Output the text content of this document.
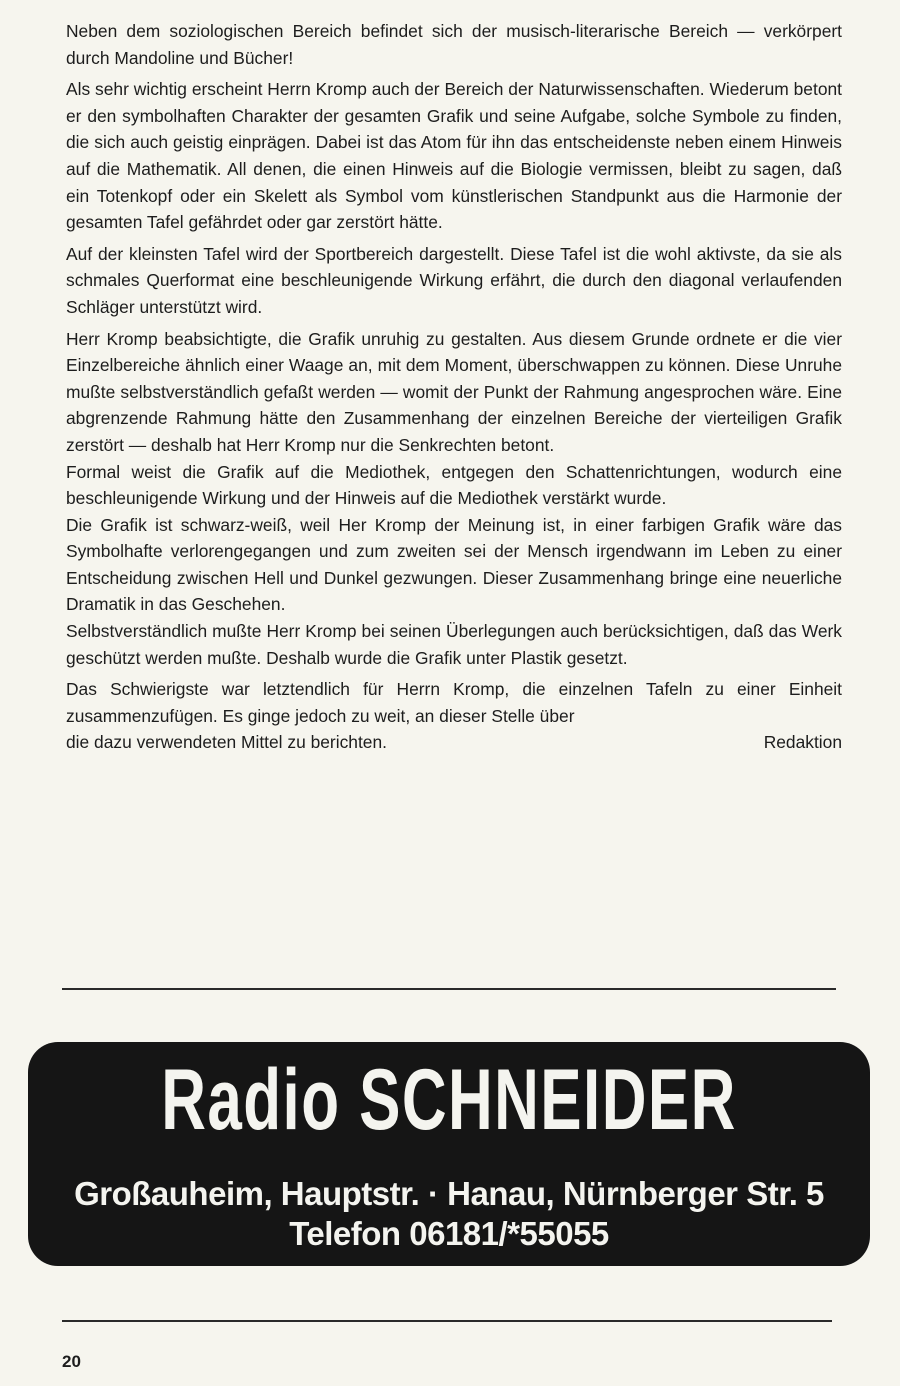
Neben dem soziologischen Bereich befindet sich der musisch-literarische Bereich — verkörpert durch Mandoline und Bücher!

Als sehr wichtig erscheint Herrn Kromp auch der Bereich der Naturwissenschaften. Wiederum betont er den symbolhaften Charakter der gesamten Grafik und seine Aufgabe, solche Symbole zu finden, die sich auch geistig einprägen. Dabei ist das Atom für ihn das entscheidenste neben einem Hinweis auf die Mathematik. All denen, die einen Hinweis auf die Biologie vermissen, bleibt zu sagen, daß ein Totenkopf oder ein Skelett als Symbol vom künstlerischen Standpunkt aus die Harmonie der gesamten Tafel gefährdet oder gar zerstört hätte.

Auf der kleinsten Tafel wird der Sportbereich dargestellt. Diese Tafel ist die wohl aktivste, da sie als schmales Querformat eine beschleunigende Wirkung erfährt, die durch den diagonal verlaufenden Schläger unterstützt wird.

Herr Kromp beabsichtigte, die Grafik unruhig zu gestalten. Aus diesem Grunde ordnete er die vier Einzelbereiche ähnlich einer Waage an, mit dem Moment, überschwappen zu können. Diese Unruhe mußte selbstverständlich gefaßt werden — womit der Punkt der Rahmung angesprochen wäre. Eine abgrenzende Rahmung hätte den Zusammenhang der einzelnen Bereiche der vierteiligen Grafik zerstört — deshalb hat Herr Kromp nur die Senkrechten betont.

Formal weist die Grafik auf die Mediothek, entgegen den Schattenrichtungen, wodurch eine beschleunigende Wirkung und der Hinweis auf die Mediothek verstärkt wurde.

Die Grafik ist schwarz-weiß, weil Her Kromp der Meinung ist, in einer farbigen Grafik wäre das Symbolhafte verlorengegangen und zum zweiten sei der Mensch irgendwann im Leben zu einer Entscheidung zwischen Hell und Dunkel gezwungen. Dieser Zusammenhang bringe eine neuerliche Dramatik in das Geschehen.

Selbstverständlich mußte Herr Kromp bei seinen Überlegungen auch berücksichtigen, daß das Werk geschützt werden mußte. Deshalb wurde die Grafik unter Plastik gesetzt.

Das Schwierigste war letztendlich für Herrn Kromp, die einzelnen Tafeln zu einer Einheit zusammenzufügen. Es ginge jedoch zu weit, an dieser Stelle über
die dazu verwendeten Mittel zu berichten.	Redaktion

Radio SCHNEIDER
Großauheim, Hauptstr. · Hanau, Nürnberger Str. 5
Telefon 06181/*55055
20
